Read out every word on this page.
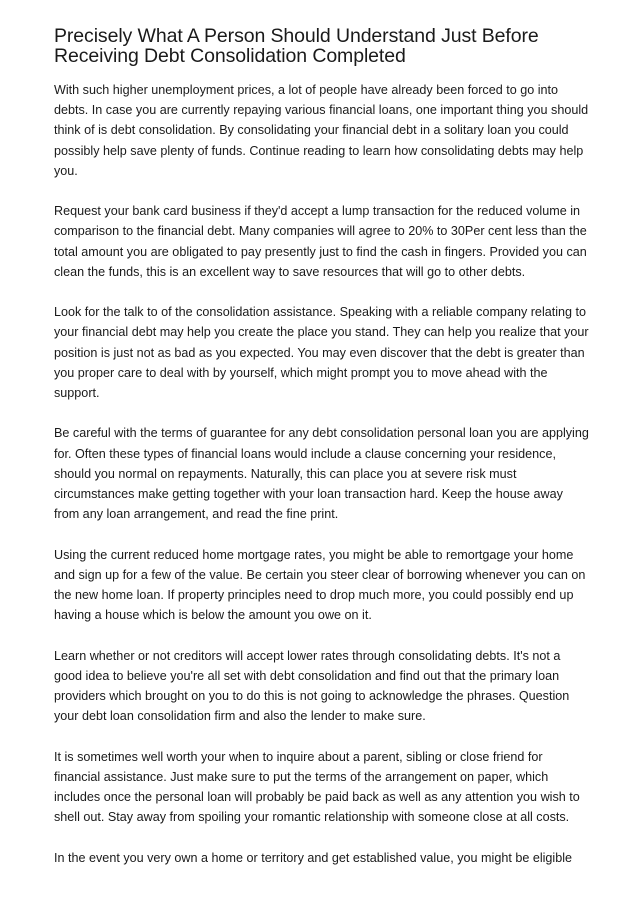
Precisely What A Person Should Understand Just Before
Receiving Debt Consolidation Completed

With such higher unemployment prices, a lot of people have already been forced to go into debts. In case you are currently repaying various financial loans, one important thing you should think of is debt consolidation. By consolidating your financial debt in a solitary loan you could possibly help save plenty of funds. Continue reading to learn how consolidating debts may help you.

Request your bank card business if they'd accept a lump transaction for the reduced volume in comparison to the financial debt. Many companies will agree to 20% to 30Per cent less than the total amount you are obligated to pay presently just to find the cash in fingers. Provided you can clean the funds, this is an excellent way to save resources that will go to other debts.

Look for the talk to of the consolidation assistance. Speaking with a reliable company relating to your financial debt may help you create the place you stand. They can help you realize that your position is just not as bad as you expected. You may even discover that the debt is greater than you proper care to deal with by yourself, which might prompt you to move ahead with the support.

Be careful with the terms of guarantee for any debt consolidation personal loan you are applying for. Often these types of financial loans would include a clause concerning your residence, should you normal on repayments. Naturally, this can place you at severe risk must circumstances make getting together with your loan transaction hard. Keep the house away from any loan arrangement, and read the fine print.

Using the current reduced home mortgage rates, you might be able to remortgage your home and sign up for a few of the value. Be certain you steer clear of borrowing whenever you can on the new home loan. If property principles need to drop much more, you could possibly end up having a house which is below the amount you owe on it.

Learn whether or not creditors will accept lower rates through consolidating debts. It's not a good idea to believe you're all set with debt consolidation and find out that the primary loan providers which brought on you to do this is not going to acknowledge the phrases. Question your debt loan consolidation firm and also the lender to make sure.

It is sometimes well worth your when to inquire about a parent, sibling or close friend for financial assistance. Just make sure to put the terms of the arrangement on paper, which includes once the personal loan will probably be paid back as well as any attention you wish to shell out. Stay away from spoiling your romantic relationship with someone close at all costs.

In the event you very own a home or territory and get established value, you might be eligible
